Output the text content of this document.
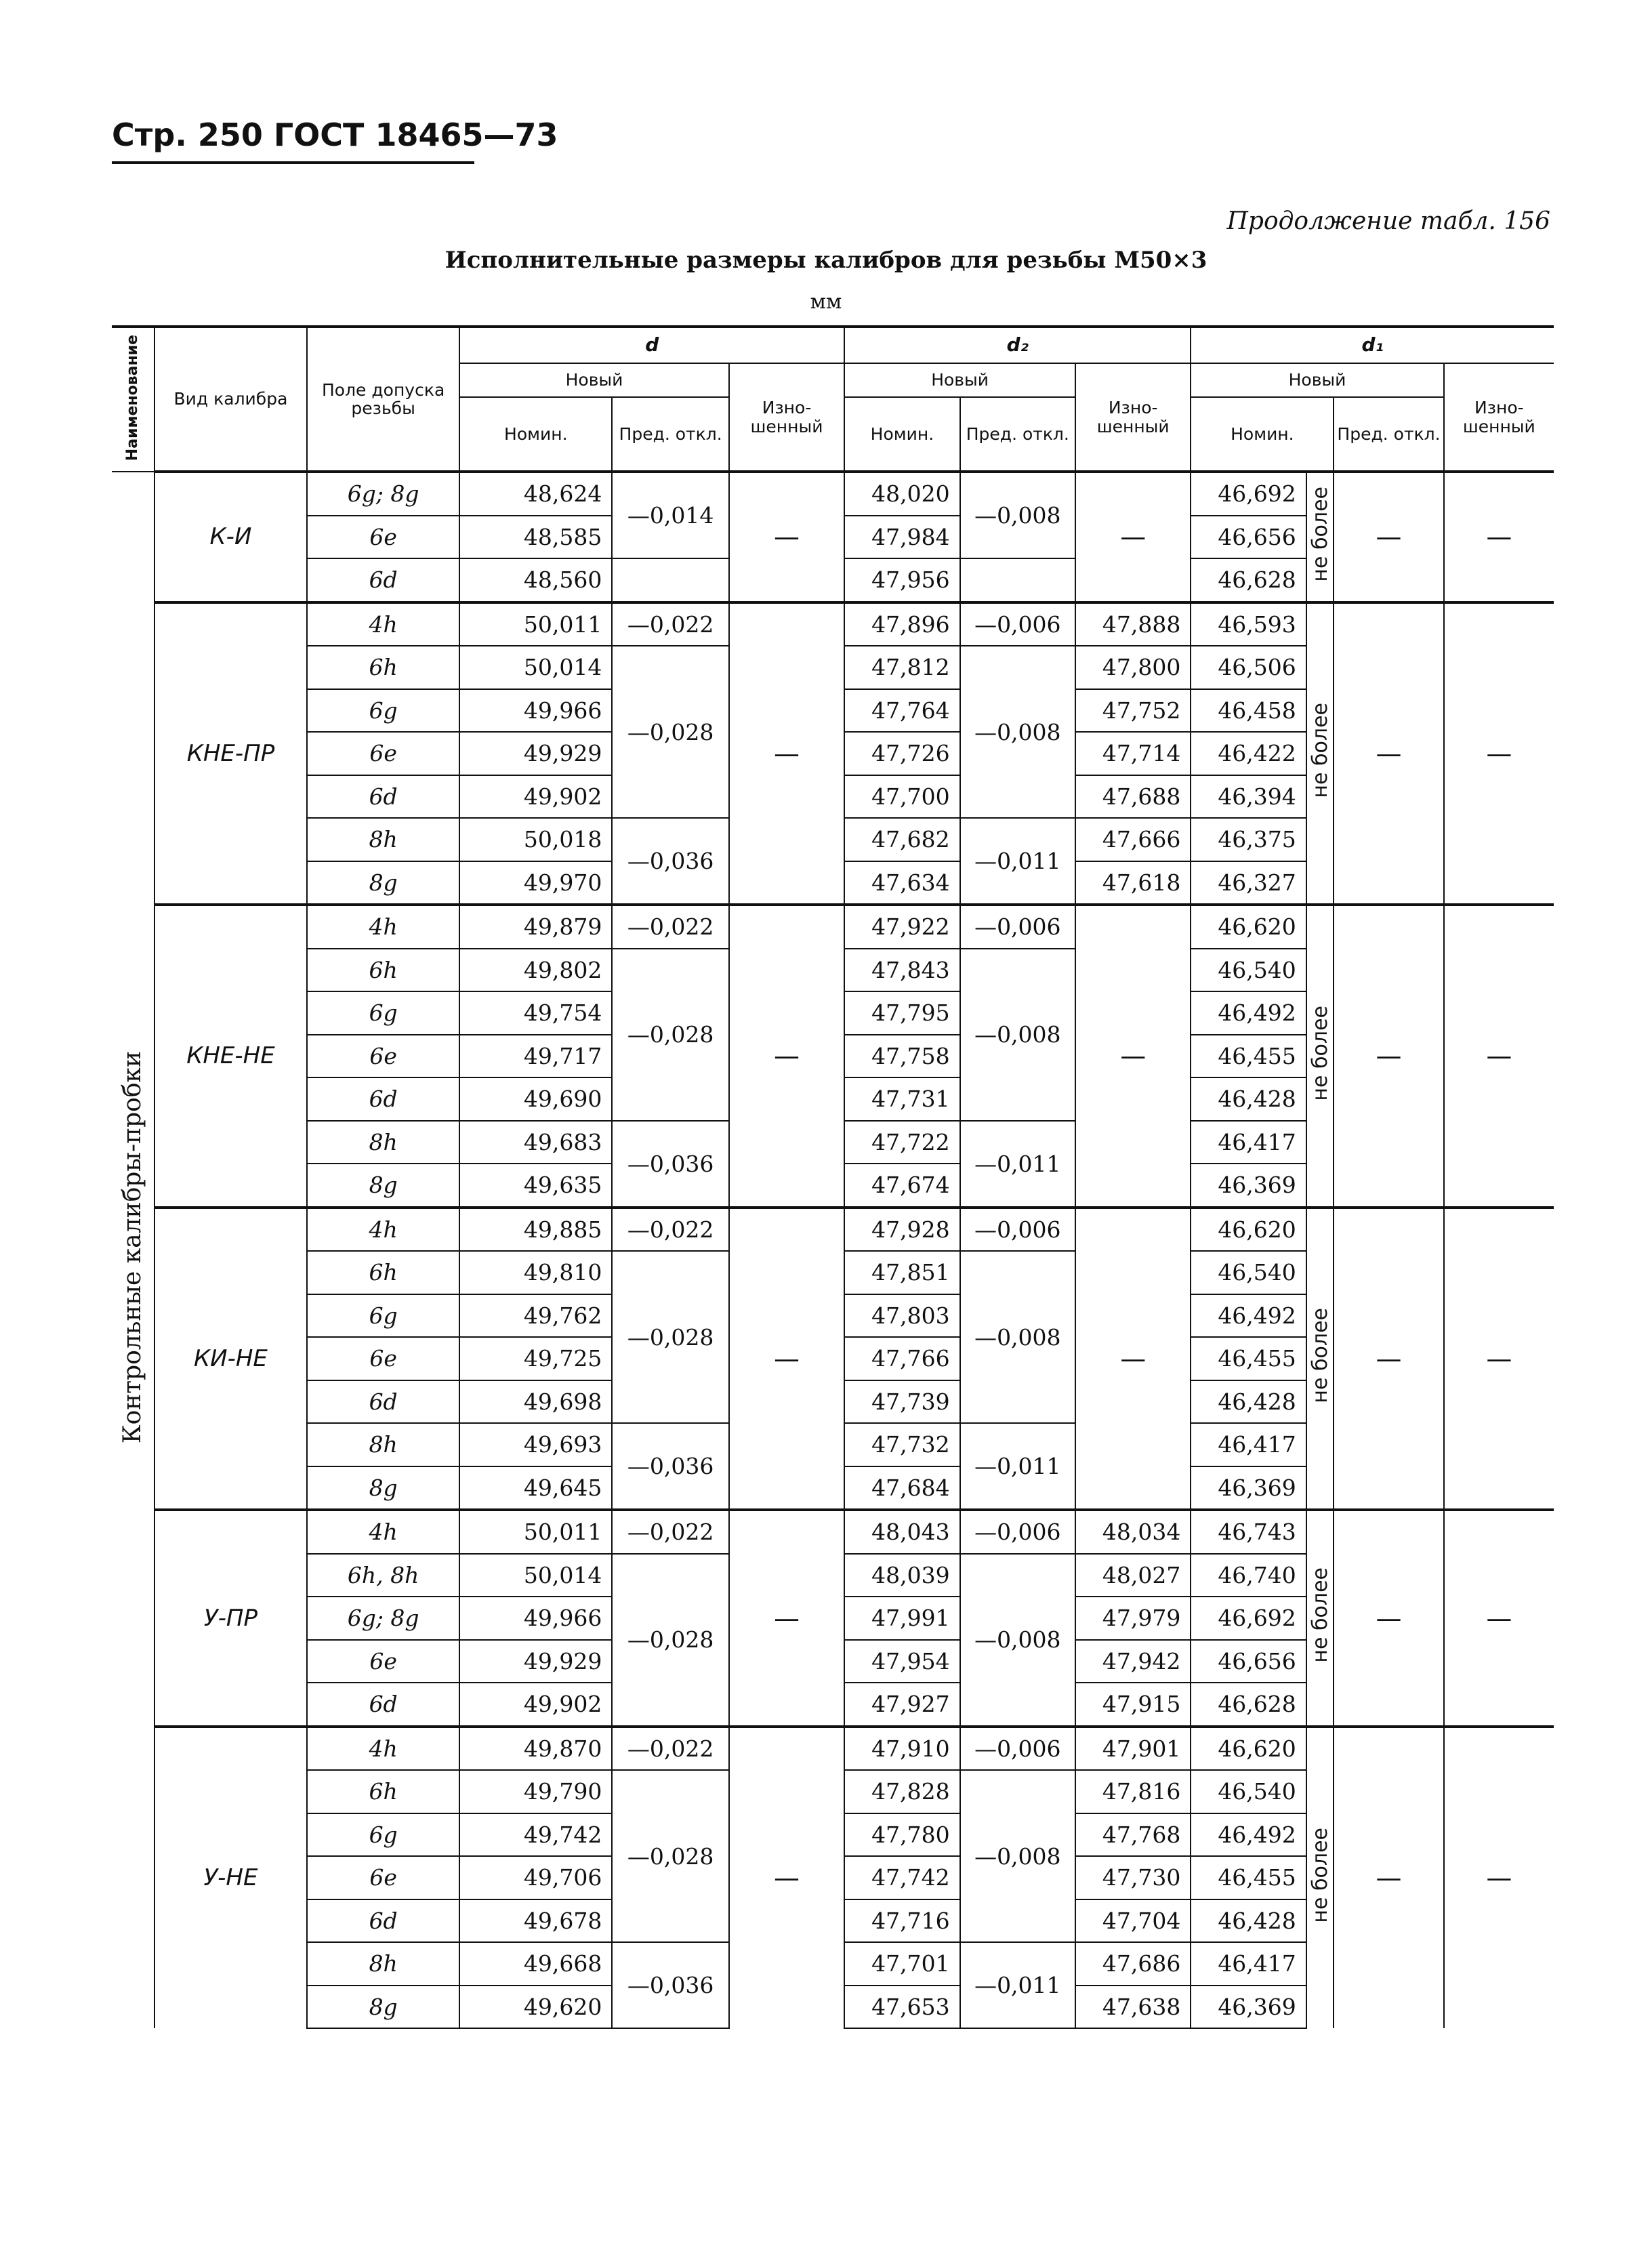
Стр. 250 ГОСТ 18465—73
Продолжение табл. 156
Исполнительные размеры калибров для резьбы М50×3
мм
Наименование	Вид калибра	Поле допуска резьбы	d			d₂			d₁			
			Новый		Изно-шенный	Новый		Изно-шенный	Новый			Изно-шенный
			Номин.	Пред. откл.		Номин.	Пред. откл.		Номин.		Пред. откл.	
Контрольные калибры-пробки	К-И	6g; 8g	48,624	—0,014	—	48,020	—0,008	—	46,692	не более	—	—
		6e	48,585			47,984			46,656			
		6d	48,560			47,956			46,628			
	КНЕ-ПР	4h	50,011	—0,022	—	47,896	—0,006	47,888	46,593	не более	—	—
		6h	50,014	—0,028		47,812	—0,008	47,800	46,506			
		6g	49,966			47,764		47,752	46,458			
		6e	49,929			47,726		47,714	46,422			
		6d	49,902			47,700		47,688	46,394			
		8h	50,018	—0,036		47,682	—0,011	47,666	46,375			
		8g	49,970			47,634		47,618	46,327			
	КНЕ-НЕ	4h	49,879	—0,022	—	47,922	—0,006	—	46,620	не более	—	—
		6h	49,802	—0,028		47,843	—0,008		46,540			
		6g	49,754			47,795			46,492			
		6e	49,717			47,758			46,455			
		6d	49,690			47,731			46,428			
		8h	49,683	—0,036		47,722	—0,011		46,417			
		8g	49,635			47,674			46,369			
	КИ-НЕ	4h	49,885	—0,022	—	47,928	—0,006	—	46,620	не более	—	—
		6h	49,810	—0,028		47,851	—0,008		46,540			
		6g	49,762			47,803			46,492			
		6e	49,725			47,766			46,455			
		6d	49,698			47,739			46,428			
		8h	49,693	—0,036		47,732	—0,011		46,417			
		8g	49,645			47,684			46,369			
	У-ПР	4h	50,011	—0,022	—	48,043	—0,006	48,034	46,743	не более	—	—
		6h, 8h	50,014	—0,028		48,039	—0,008	48,027	46,740			
		6g; 8g	49,966			47,991		47,979	46,692			
		6e	49,929			47,954		47,942	46,656			
		6d	49,902			47,927		47,915	46,628			
	У-НЕ	4h	49,870	—0,022	—	47,910	—0,006	47,901	46,620	не более	—	—
		6h	49,790	—0,028		47,828	—0,008	47,816	46,540			
		6g	49,742			47,780		47,768	46,492			
		6e	49,706			47,742		47,730	46,455			
		6d	49,678			47,716		47,704	46,428			
		8h	49,668	—0,036		47,701	—0,011	47,686	46,417			
		8g	49,620			47,653		47,638	46,369			
